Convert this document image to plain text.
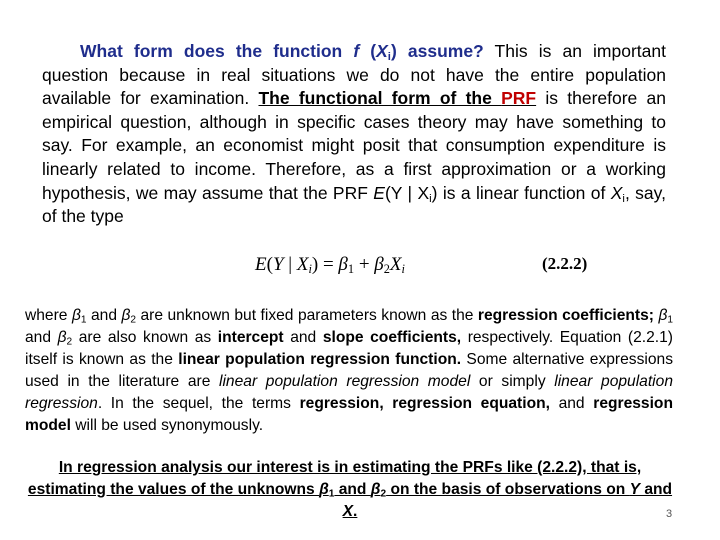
What form does the function f $(X_i)$ assume? This is an important question because in real situations we do not have the entire population available for examination. The functional form of the PRF is therefore an empirical question, although in specific cases theory may have something to say. For example, an economist might posit that consumption expenditure is linearly related to income. Therefore, as a first approximation or a working hypothesis, we may assume that the PRF E(Y | $X_i$) is a linear function of $X_i$, say, of the type

E(Y | $X_i) = \beta_1 + \beta_2X_i$	(2.2.2)

where $\beta_1$ and $\beta_2$ are unknown but fixed parameters known as the regression coefficients; $\beta_1$ and $\beta_2$ are also known as intercept and slope coefficients, respectively. Equation (2.2.1) itself is known as the linear population regression function. Some alternative expressions used in the literature are linear population regression model or simply linear population regression. In the sequel, the terms regression, regression equation, and regression model will be used synonymously.

In regression analysis our interest is in estimating the PRFs like (2.2.2), that is, estimating the values of the unknowns $\beta_1$ and $\beta_2$ on the basis of observations on Y and X.	3
